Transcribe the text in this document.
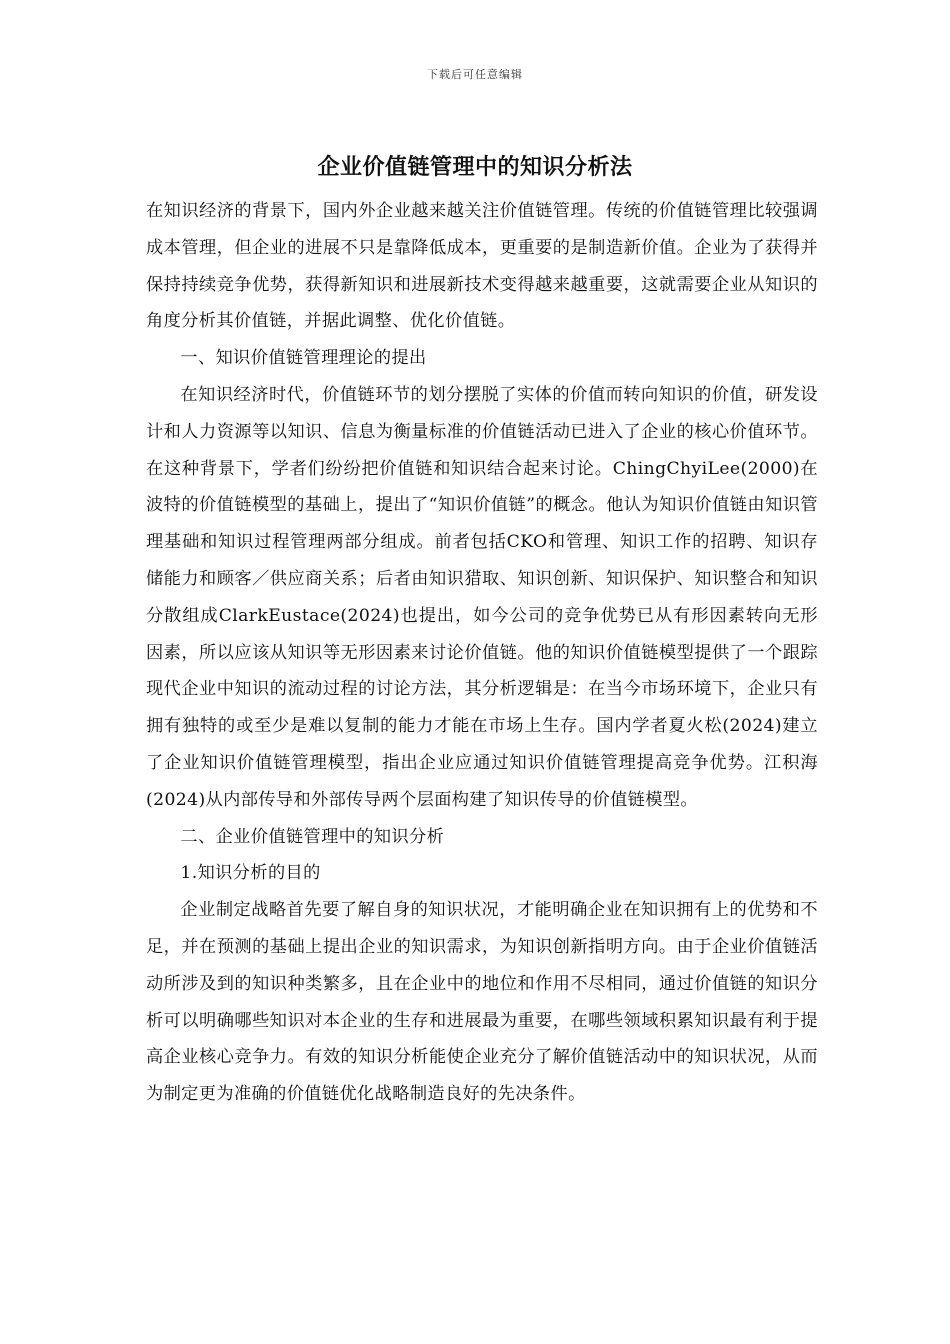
下载后可任意编辑
企业价值链管理中的知识分析法

在知识经济的背景下，国内外企业越来越关注价值链管理。传统的价值链管理比较强调成本管理，但企业的进展不只是靠降低成本，更重要的是制造新价值。企业为了获得并保持持续竞争优势，获得新知识和进展新技术变得越来越重要，这就需要企业从知识的角度分析其价值链，并据此调整、优化价值链。

一、知识价值链管理理论的提出

在知识经济时代，价值链环节的划分摆脱了实体的价值而转向知识的价值，研发设计和人力资源等以知识、信息为衡量标准的价值链活动已进入了企业的核心价值环节。在这种背景下，学者们纷纷把价值链和知识结合起来讨论。ChingChyiLee(2000)在波特的价值链模型的基础上，提出了“知识价值链”的概念。他认为知识价值链由知识管理基础和知识过程管理两部分组成。前者包括CKO和管理、知识工作的招聘、知识存储能力和顾客／供应商关系；后者由知识猎取、知识创新、知识保护、知识整合和知识分散组成ClarkEustace(2024)也提出，如今公司的竞争优势已从有形因素转向无形因素，所以应该从知识等无形因素来讨论价值链。他的知识价值链模型提供了一个跟踪现代企业中知识的流动过程的讨论方法，其分析逻辑是：在当今市场环境下，企业只有拥有独特的或至少是难以复制的能力才能在市场上生存。国内学者夏火松(2024)建立了企业知识价值链管理模型，指出企业应通过知识价值链管理提高竞争优势。江积海(2024)从内部传导和外部传导两个层面构建了知识传导的价值链模型。

二、企业价值链管理中的知识分析

1.知识分析的目的

企业制定战略首先要了解自身的知识状况，才能明确企业在知识拥有上的优势和不足，并在预测的基础上提出企业的知识需求，为知识创新指明方向。由于企业价值链活动所涉及到的知识种类繁多，且在企业中的地位和作用不尽相同，通过价值链的知识分析可以明确哪些知识对本企业的生存和进展最为重要，在哪些领域积累知识最有利于提高企业核心竞争力。有效的知识分析能使企业充分了解价值链活动中的知识状况，从而为制定更为准确的价值链优化战略制造良好的先决条件。
